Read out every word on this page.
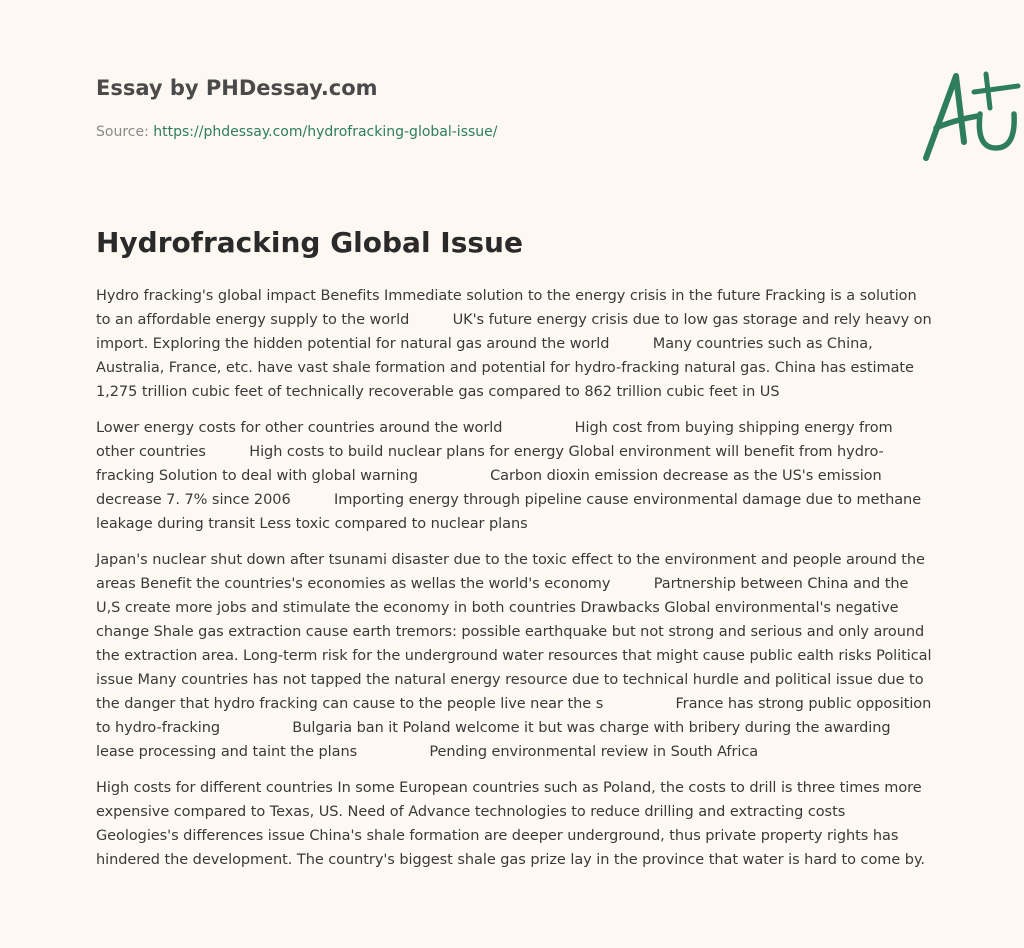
Essay by PHDessay.com
Source: https://phdessay.com/hydrofracking-global-issue/
Hydrofracking Global Issue

Hydro fracking's global impact Benefits Immediate solution to the energy crisis in the future Fracking is a solution to an affordable energy supply to the world   UK's future energy crisis due to low gas storage and rely heavy on import. Exploring the hidden potential for natural gas around the world   Many countries such as China, Australia, France, etc. have vast shale formation and potential for hydro-fracking natural gas. China has estimate 1,275 trillion cubic feet of technically recoverable gas compared to 862 trillion cubic feet in US

Lower energy costs for other countries around the world     High cost from buying shipping energy from other countries   High costs to build nuclear plans for energy Global environment will benefit from hydro-fracking Solution to deal with global warning     Carbon dioxin emission decrease as the US's emission decrease 7. 7% since 2006   Importing energy through pipeline cause environmental damage due to methane leakage during transit Less toxic compared to nuclear plans

Japan's nuclear shut down after tsunami disaster due to the toxic effect to the environment and people around the areas Benefit the countries's economies as wellas the world's economy   Partnership between China and the U,S create more jobs and stimulate the economy in both countries Drawbacks Global environmental's negative change Shale gas extraction cause earth tremors: possible earthquake but not strong and serious and only around the extraction area. Long-term risk for the underground water resources that might cause public ealth risks Political issue Many countries has not tapped the natural energy resource due to technical hurdle and political issue due to the danger that hydro fracking can cause to the people live near the s     France has strong public opposition to hydro-fracking     Bulgaria ban it Poland welcome it but was charge with bribery during the awarding lease processing and taint the plans     Pending environmental review in South Africa

High costs for different countries In some European countries such as Poland, the costs to drill is three times more expensive compared to Texas, US. Need of Advance technologies to reduce drilling and extracting costs Geologies's differences issue China's shale formation are deeper underground, thus private property rights has hindered the development. The country's biggest shale gas prize lay in the province that water is hard to come by.
